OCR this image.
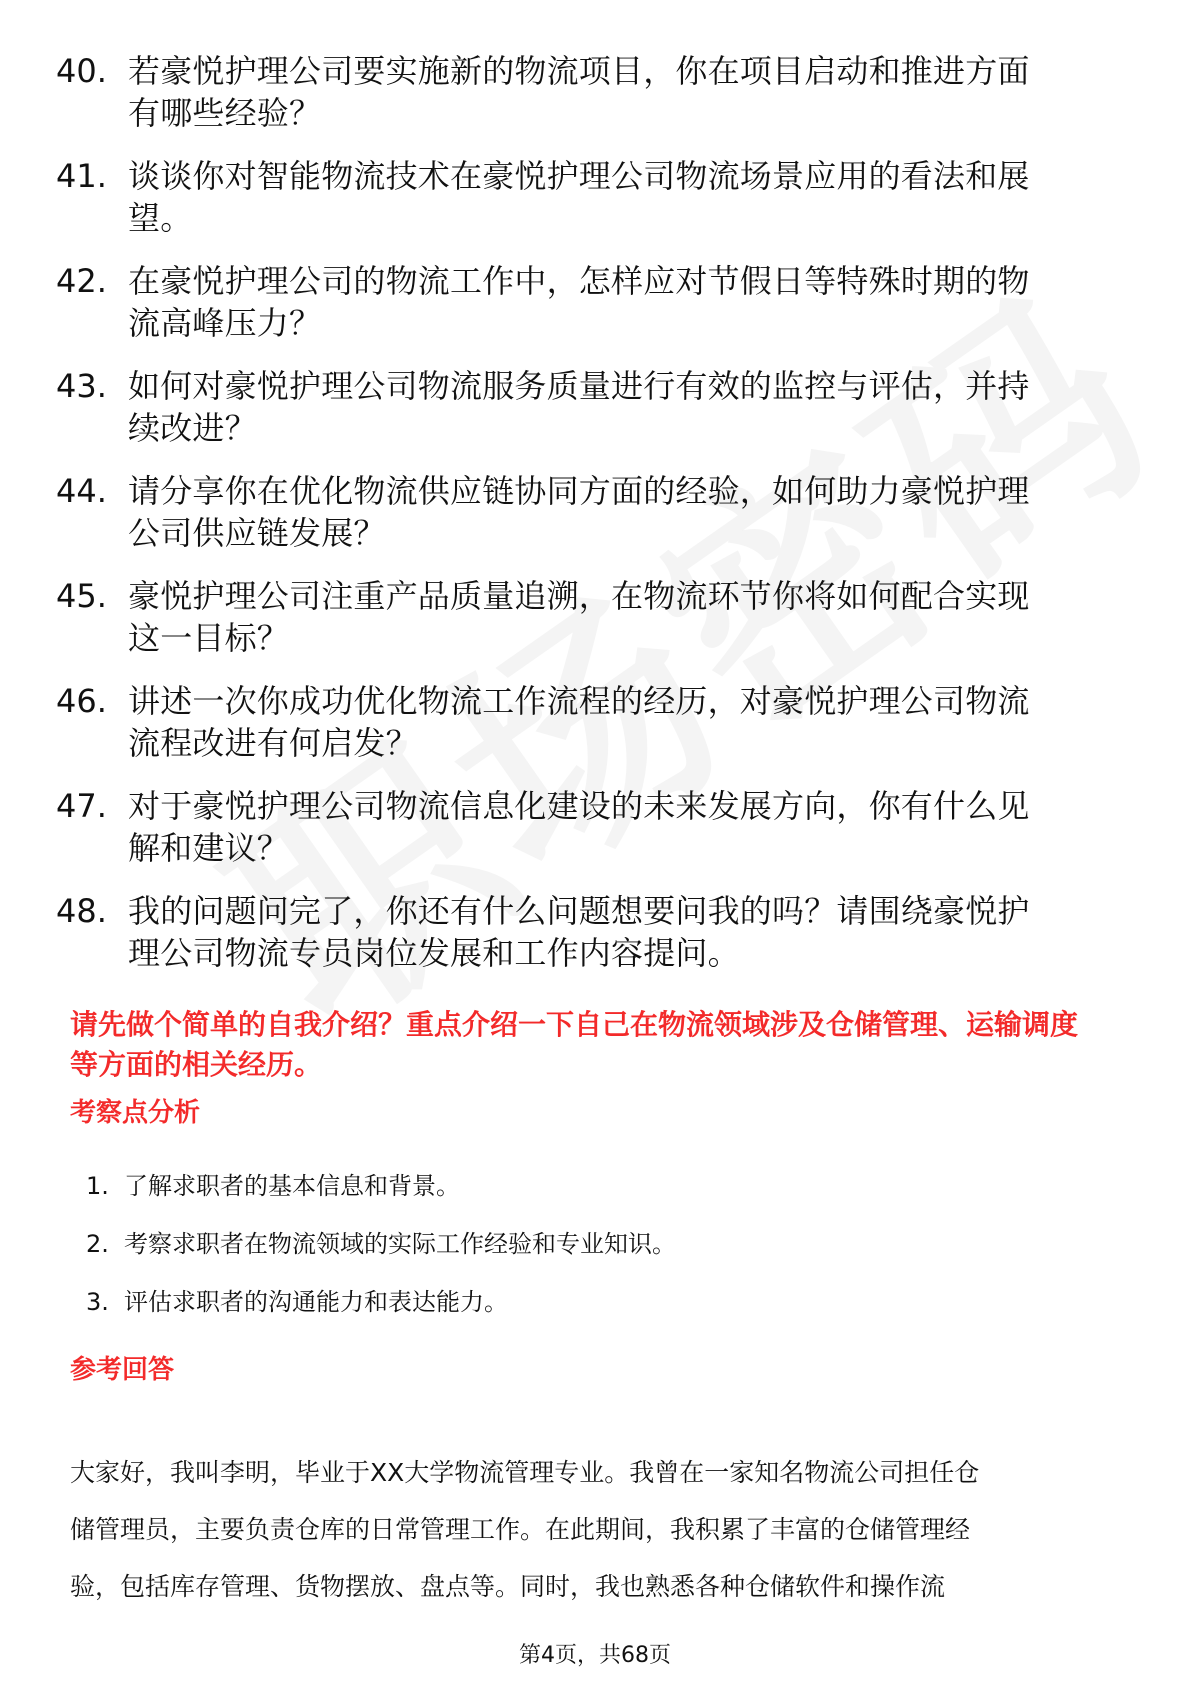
40. 若豪悦护理公司要实施新的物流项目，你在项目启动和推进方面
有哪些经验？
41. 谈谈你对智能物流技术在豪悦护理公司物流场景应用的看法和展
望。
42. 在豪悦护理公司的物流工作中，怎样应对节假日等特殊时期的物
流高峰压力？
43. 如何对豪悦护理公司物流服务质量进行有效的监控与评估，并持
续改进？
44. 请分享你在优化物流供应链协同方面的经验，如何助力豪悦护理
公司供应链发展？
45. 豪悦护理公司注重产品质量追溯，在物流环节你将如何配合实现
这一目标？
46. 讲述一次你成功优化物流工作流程的经历，对豪悦护理公司物流
流程改进有何启发？
47. 对于豪悦护理公司物流信息化建设的未来发展方向，你有什么见
解和建议？
48. 我的问题问完了，你还有什么问题想要问我的吗？请围绕豪悦护
理公司物流专员岗位发展和工作内容提问。
请先做个简单的自我介绍？重点介绍一下自己在物流领域涉及仓储管理、运输调度
等方面的相关经历。
考察点分析
1. 了解求职者的基本信息和背景。
2. 考察求职者在物流领域的实际工作经验和专业知识。
3. 评估求职者的沟通能力和表达能力。
参考回答
大家好，我叫李明，毕业于XX大学物流管理专业。我曾在一家知名物流公司担任仓
储管理员，主要负责仓库的日常管理工作。在此期间，我积累了丰富的仓储管理经
验，包括库存管理、货物摆放、盘点等。同时，我也熟悉各种仓储软件和操作流
第4页，共68页
